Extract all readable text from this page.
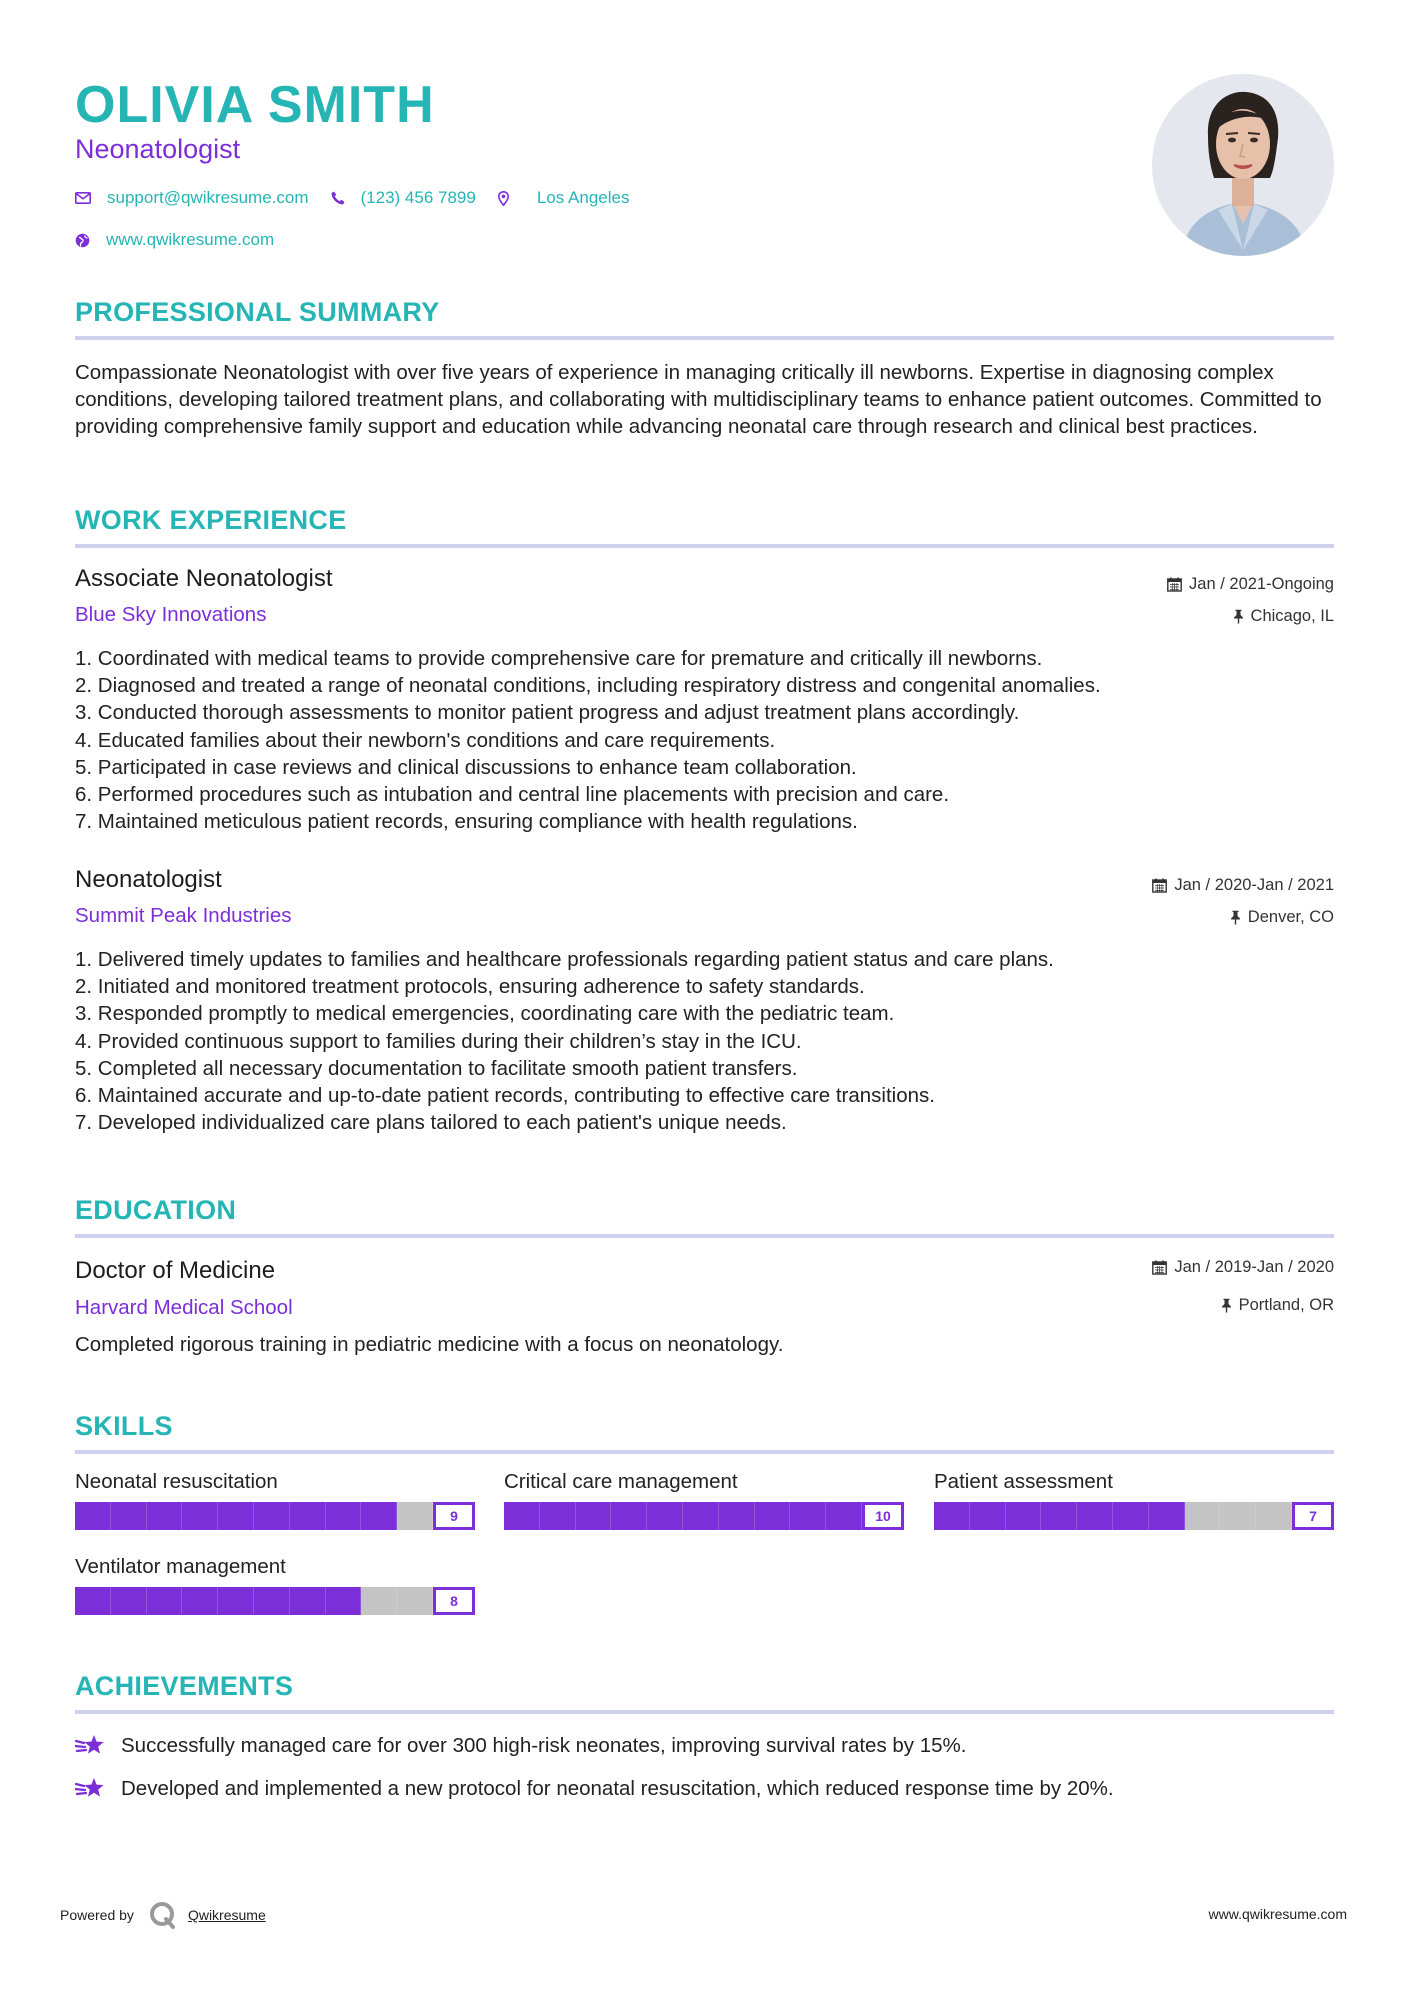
OLIVIA SMITH
Neonatologist
support@qwikresume.com	(123) 456 7899	Los Angeles
www.qwikresume.com
PROFESSIONAL SUMMARY
Compassionate Neonatologist with over five years of experience in managing critically ill newborns. Expertise in diagnosing complex conditions, developing tailored treatment plans, and collaborating with multidisciplinary teams to enhance patient outcomes. Committed to providing comprehensive family support and education while advancing neonatal care through research and clinical best practices.
WORK EXPERIENCE
Associate Neonatologist	Jan / 2021-Ongoing
Blue Sky Innovations	Chicago, IL
1. Coordinated with medical teams to provide comprehensive care for premature and critically ill newborns.
2. Diagnosed and treated a range of neonatal conditions, including respiratory distress and congenital anomalies.
3. Conducted thorough assessments to monitor patient progress and adjust treatment plans accordingly.
4. Educated families about their newborn's conditions and care requirements.
5. Participated in case reviews and clinical discussions to enhance team collaboration.
6. Performed procedures such as intubation and central line placements with precision and care.
7. Maintained meticulous patient records, ensuring compliance with health regulations.
Neonatologist	Jan / 2020-Jan / 2021
Summit Peak Industries	Denver, CO
1. Delivered timely updates to families and healthcare professionals regarding patient status and care plans.
2. Initiated and monitored treatment protocols, ensuring adherence to safety standards.
3. Responded promptly to medical emergencies, coordinating care with the pediatric team.
4. Provided continuous support to families during their children’s stay in the ICU.
5. Completed all necessary documentation to facilitate smooth patient transfers.
6. Maintained accurate and up-to-date patient records, contributing to effective care transitions.
7. Developed individualized care plans tailored to each patient's unique needs.
EDUCATION
Doctor of Medicine	Jan / 2019-Jan / 2020
Harvard Medical School	Portland, OR
Completed rigorous training in pediatric medicine with a focus on neonatology.
SKILLS
Neonatal resuscitation
9
Critical care management
10
Patient assessment
7
Ventilator management
8
ACHIEVEMENTS
Successfully managed care for over 300 high-risk neonates, improving survival rates by 15%.
Developed and implemented a new protocol for neonatal resuscitation, which reduced response time by 20%.
Powered by	Qwikresume	www.qwikresume.com
